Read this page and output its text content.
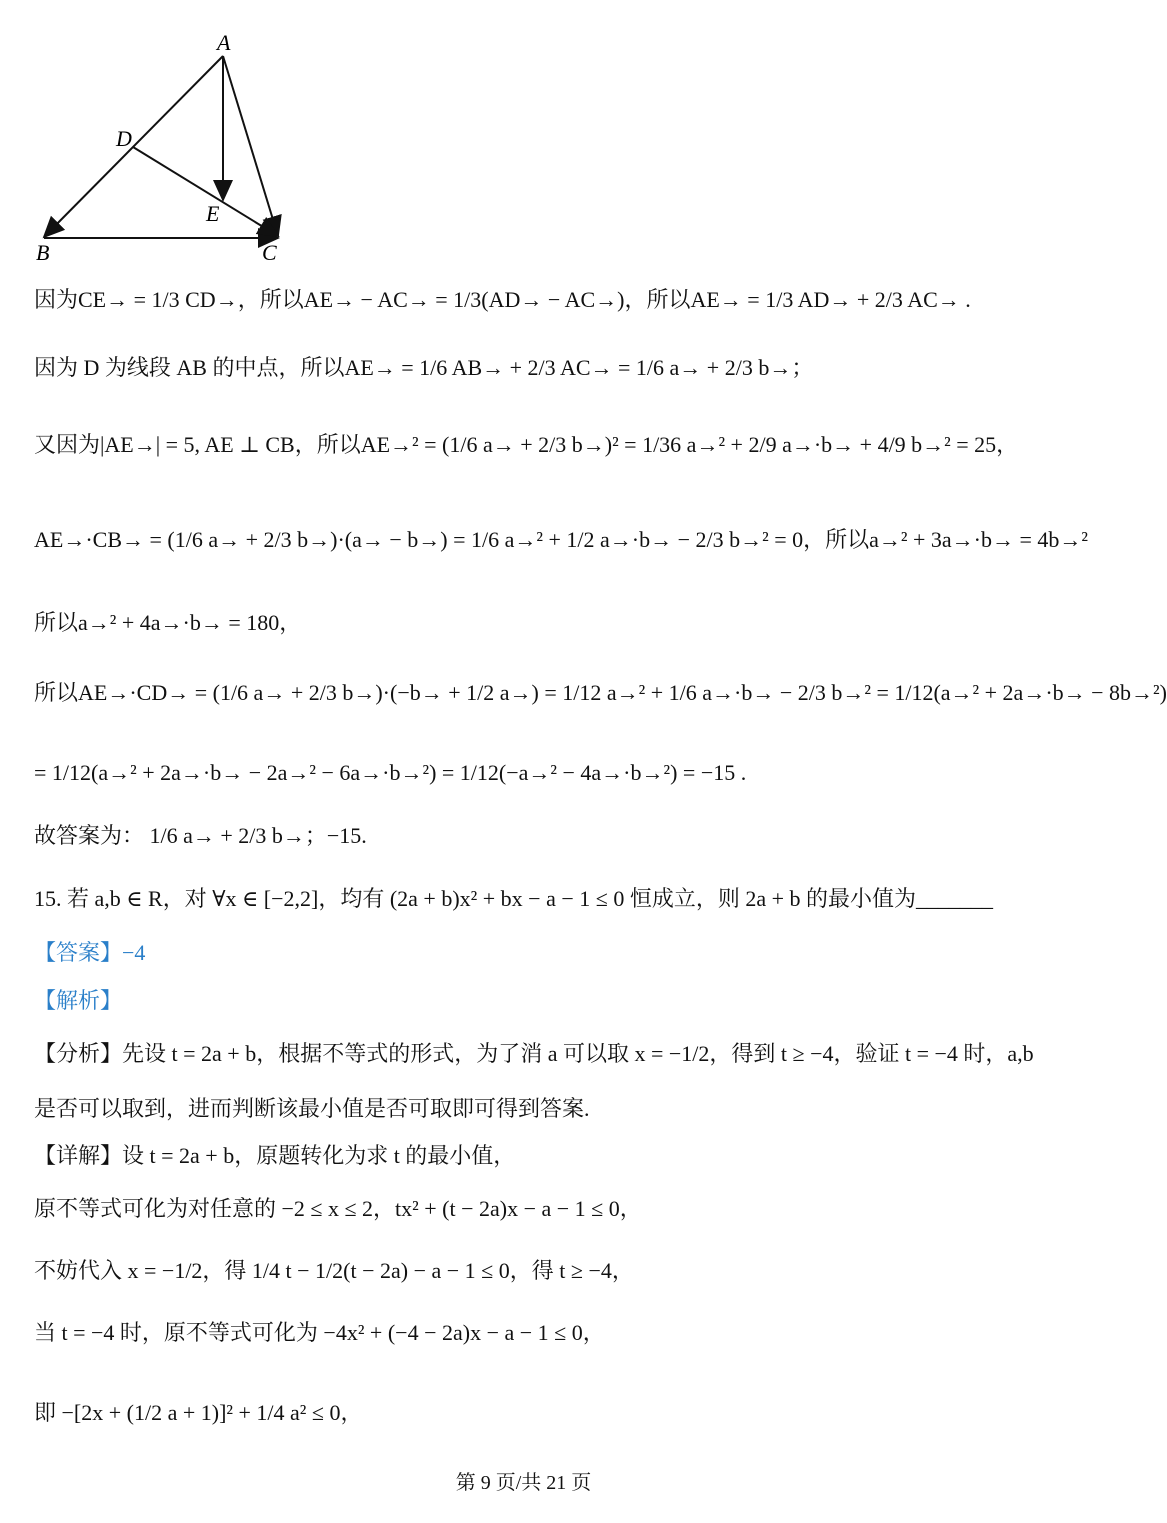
A
D
E
B	C
因为CE→ = 1/3 CD→，所以AE→ − AC→ = 1/3(AD→ − AC→)，所以AE→ = 1/3 AD→ + 2/3 AC→ .
因为 D 为线段 AB 的中点，所以AE→ = 1/6 AB→ + 2/3 AC→ = 1/6 a→ + 2/3 b→；
又因为|AE→| = 5, AE ⊥ CB，所以AE→² = (1/6 a→ + 2/3 b→)² = 1/36 a→² + 2/9 a→·b→ + 4/9 b→² = 25，
AE→·CB→ = (1/6 a→ + 2/3 b→)·(a→ − b→) = 1/6 a→² + 1/2 a→·b→ − 2/3 b→² = 0，所以a→² + 3a→·b→ = 4b→²
所以a→² + 4a→·b→ = 180，
所以AE→·CD→ = (1/6 a→ + 2/3 b→)·(−b→ + 1/2 a→) = 1/12 a→² + 1/6 a→·b→ − 2/3 b→² = 1/12(a→² + 2a→·b→ − 8b→²)
= 1/12(a→² + 2a→·b→ − 2a→² − 6a→·b→²) = 1/12(−a→² − 4a→·b→²) = −15 .
故答案为： 1/6 a→ + 2/3 b→；−15.
15. 若 a,b ∈ R，对 ∀x ∈ [−2,2]，均有 (2a + b)x² + bx − a − 1 ≤ 0 恒成立，则 2a + b 的最小值为_______
【答案】−4
【解析】
【分析】先设 t = 2a + b，根据不等式的形式，为了消 a 可以取 x = −1/2，得到 t ≥ −4，验证 t = −4 时，a,b
是否可以取到，进而判断该最小值是否可取即可得到答案.
【详解】设 t = 2a + b，原题转化为求 t 的最小值，
原不等式可化为对任意的 −2 ≤ x ≤ 2，tx² + (t − 2a)x − a − 1 ≤ 0，
不妨代入 x = −1/2，得 1/4 t − 1/2(t − 2a) − a − 1 ≤ 0，得 t ≥ −4，
当 t = −4 时，原不等式可化为 −4x² + (−4 − 2a)x − a − 1 ≤ 0，
即 −[2x + (1/2 a + 1)]² + 1/4 a² ≤ 0，
第 9 页/共 21 页
